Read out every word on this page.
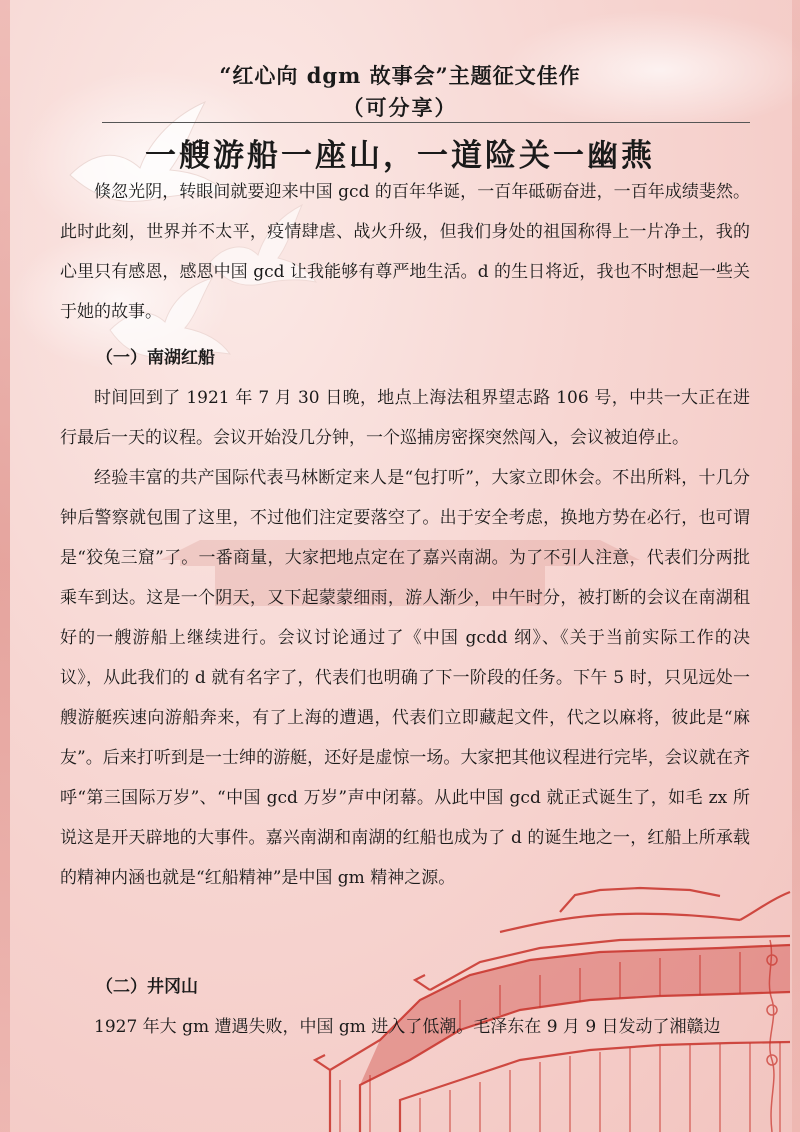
“红心向 dgm 故事会”主题征文佳作
（可分享）
一艘游船一座山，一道险关一幽燕

倏忽光阴，转眼间就要迎来中国 gcd 的百年华诞，一百年砥砺奋进，一百年成绩斐然。此时此刻，世界并不太平，疫情肆虐、战火升级，但我们身处的祖国称得上一片净土，我的心里只有感恩，感恩中国 gcd 让我能够有尊严地生活。d 的生日将近，我也不时想起一些关于她的故事。

（一）南湖红船

时间回到了 1921 年 7 月 30 日晚，地点上海法租界望志路 106 号，中共一大正在进行最后一天的议程。会议开始没几分钟，一个巡捕房密探突然闯入，会议被迫停止。

经验丰富的共产国际代表马林断定来人是“包打听”，大家立即休会。不出所料，十几分钟后警察就包围了这里，不过他们注定要落空了。出于安全考虑，换地方势在必行，也可谓是“狡兔三窟”了。一番商量，大家把地点定在了嘉兴南湖。为了不引人注意，代表们分两批乘车到达。这是一个阴天，又下起蒙蒙细雨，游人渐少，中午时分，被打断的会议在南湖租好的一艘游船上继续进行。会议讨论通过了《中国 gcdd 纲》、《关于当前实际工作的决议》，从此我们的 d 就有名字了，代表们也明确了下一阶段的任务。下午 5 时，只见远处一艘游艇疾速向游船奔来，有了上海的遭遇，代表们立即藏起文件，代之以麻将，彼此是“麻友”。后来打听到是一士绅的游艇，还好是虚惊一场。大家把其他议程进行完毕，会议就在齐呼“第三国际万岁”、“中国 gcd 万岁”声中闭幕。从此中国 gcd 就正式诞生了，如毛 zx 所说这是开天辟地的大事件。嘉兴南湖和南湖的红船也成为了 d 的诞生地之一，红船上所承载的精神内涵也就是“红船精神”是中国 gm 精神之源。

（二）井冈山

1927 年大 gm 遭遇失败，中国 gm 进入了低潮。毛泽东在 9 月 9 日发动了湘赣边
